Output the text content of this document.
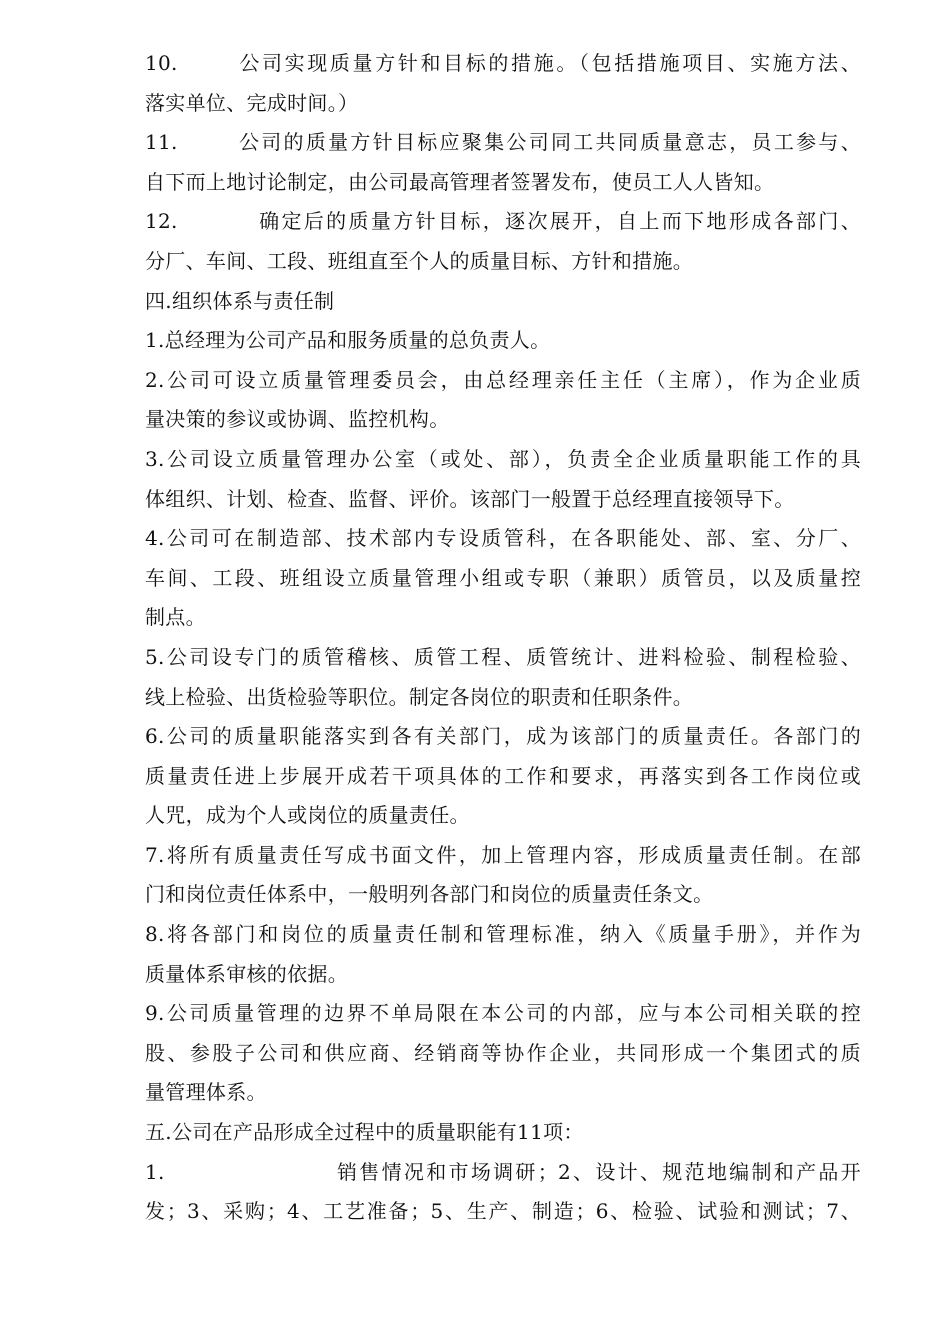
10.	公司实现质量方针和目标的措施。（包括措施项目、实施方法、
落实单位、完成时间。）
11.	公司的质量方针目标应聚集公司同工共同质量意志，员工参与、
自下而上地讨论制定，由公司最高管理者签署发布，使员工人人皆知。
12.	确定后的质量方针目标，逐次展开，自上而下地形成各部门、
分厂、车间、工段、班组直至个人的质量目标、方针和措施。
四.组织体系与责任制
1.总经理为公司产品和服务质量的总负责人。
2.公司可设立质量管理委员会，由总经理亲任主任（主席），作为企业质
量决策的参议或协调、监控机构。
3.公司设立质量管理办公室（或处、部），负责全企业质量职能工作的具
体组织、计划、检查、监督、评价。该部门一般置于总经理直接领导下。
4.公司可在制造部、技术部内专设质管科，在各职能处、部、室、分厂、
车间、工段、班组设立质量管理小组或专职（兼职）质管员，以及质量控
制点。
5.公司设专门的质管稽核、质管工程、质管统计、进料检验、制程检验、
线上检验、出货检验等职位。制定各岗位的职责和任职条件。
6.公司的质量职能落实到各有关部门，成为该部门的质量责任。各部门的
质量责任进上步展开成若干项具体的工作和要求，再落实到各工作岗位或
人咒，成为个人或岗位的质量责任。
7.将所有质量责任写成书面文件，加上管理内容，形成质量责任制。在部
门和岗位责任体系中，一般明列各部门和岗位的质量责任条文。
8.将各部门和岗位的质量责任制和管理标准，纳入《质量手册》，并作为
质量体系审核的依据。
9.公司质量管理的边界不单局限在本公司的内部，应与本公司相关联的控
股、参股子公司和供应商、经销商等协作企业，共同形成一个集团式的质
量管理体系。
五.公司在产品形成全过程中的质量职能有11项：
1.	销售情况和市场调研；2、设计、规范地编制和产品开
发；3、采购；4、工艺准备；5、生产、制造；6、检验、试验和测试；7、
